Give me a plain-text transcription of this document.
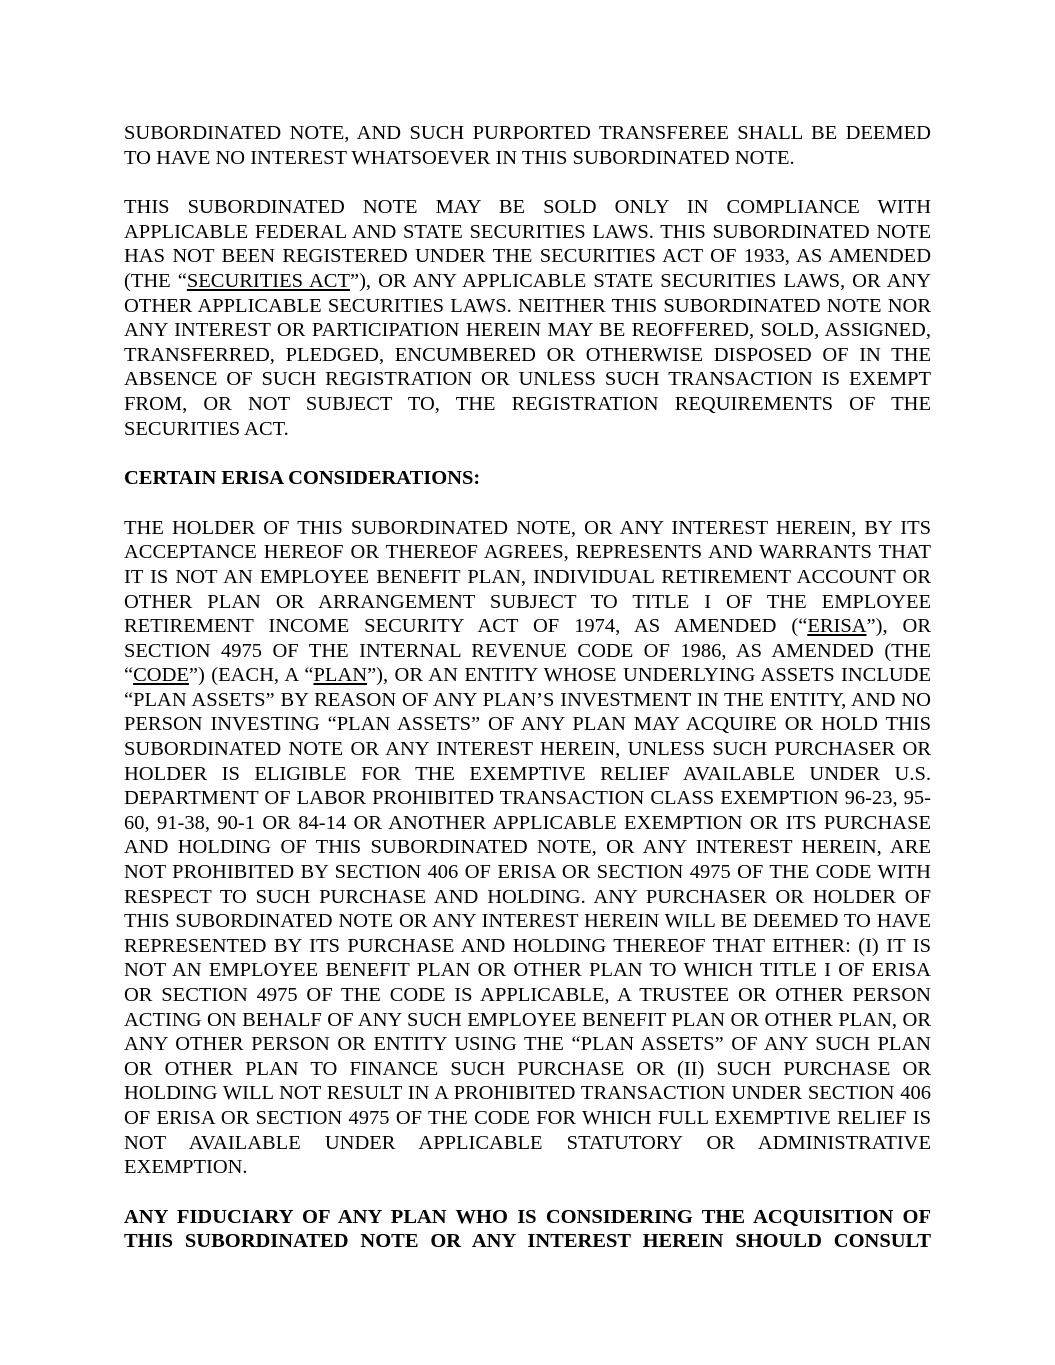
SUBORDINATED NOTE, AND SUCH PURPORTED TRANSFEREE SHALL BE DEEMED TO HAVE NO INTEREST WHATSOEVER IN THIS SUBORDINATED NOTE.

THIS SUBORDINATED NOTE MAY BE SOLD ONLY IN COMPLIANCE WITH APPLICABLE FEDERAL AND STATE SECURITIES LAWS. THIS SUBORDINATED NOTE HAS NOT BEEN REGISTERED UNDER THE SECURITIES ACT OF 1933, AS AMENDED (THE “SECURITIES ACT”), OR ANY APPLICABLE STATE SECURITIES LAWS, OR ANY OTHER APPLICABLE SECURITIES LAWS. NEITHER THIS SUBORDINATED NOTE NOR ANY INTEREST OR PARTICIPATION HEREIN MAY BE REOFFERED, SOLD, ASSIGNED, TRANSFERRED, PLEDGED, ENCUMBERED OR OTHERWISE DISPOSED OF IN THE ABSENCE OF SUCH REGISTRATION OR UNLESS SUCH TRANSACTION IS EXEMPT FROM, OR NOT SUBJECT TO, THE REGISTRATION REQUIREMENTS OF THE SECURITIES ACT.

CERTAIN ERISA CONSIDERATIONS:

THE HOLDER OF THIS SUBORDINATED NOTE, OR ANY INTEREST HEREIN, BY ITS ACCEPTANCE HEREOF OR THEREOF AGREES, REPRESENTS AND WARRANTS THAT IT IS NOT AN EMPLOYEE BENEFIT PLAN, INDIVIDUAL RETIREMENT ACCOUNT OR OTHER PLAN OR ARRANGEMENT SUBJECT TO TITLE I OF THE EMPLOYEE RETIREMENT INCOME SECURITY ACT OF 1974, AS AMENDED (“ERISA”), OR SECTION 4975 OF THE INTERNAL REVENUE CODE OF 1986, AS AMENDED (THE “CODE”) (EACH, A “PLAN”), OR AN ENTITY WHOSE UNDERLYING ASSETS INCLUDE “PLAN ASSETS” BY REASON OF ANY PLAN’S INVESTMENT IN THE ENTITY, AND NO PERSON INVESTING “PLAN ASSETS” OF ANY PLAN MAY ACQUIRE OR HOLD THIS SUBORDINATED NOTE OR ANY INTEREST HEREIN, UNLESS SUCH PURCHASER OR HOLDER IS ELIGIBLE FOR THE EXEMPTIVE RELIEF AVAILABLE UNDER U.S. DEPARTMENT OF LABOR PROHIBITED TRANSACTION CLASS EXEMPTION 96-23, 95-60, 91-38, 90-1 OR 84-14 OR ANOTHER APPLICABLE EXEMPTION OR ITS PURCHASE AND HOLDING OF THIS SUBORDINATED NOTE, OR ANY INTEREST HEREIN, ARE NOT PROHIBITED BY SECTION 406 OF ERISA OR SECTION 4975 OF THE CODE WITH RESPECT TO SUCH PURCHASE AND HOLDING. ANY PURCHASER OR HOLDER OF THIS SUBORDINATED NOTE OR ANY INTEREST HEREIN WILL BE DEEMED TO HAVE REPRESENTED BY ITS PURCHASE AND HOLDING THEREOF THAT EITHER: (I) IT IS NOT AN EMPLOYEE BENEFIT PLAN OR OTHER PLAN TO WHICH TITLE I OF ERISA OR SECTION 4975 OF THE CODE IS APPLICABLE, A TRUSTEE OR OTHER PERSON ACTING ON BEHALF OF ANY SUCH EMPLOYEE BENEFIT PLAN OR OTHER PLAN, OR ANY OTHER PERSON OR ENTITY USING THE “PLAN ASSETS” OF ANY SUCH PLAN OR OTHER PLAN TO FINANCE SUCH PURCHASE OR (II) SUCH PURCHASE OR HOLDING WILL NOT RESULT IN A PROHIBITED TRANSACTION UNDER SECTION 406 OF ERISA OR SECTION 4975 OF THE CODE FOR WHICH FULL EXEMPTIVE RELIEF IS NOT AVAILABLE UNDER APPLICABLE STATUTORY OR ADMINISTRATIVE EXEMPTION.

ANY FIDUCIARY OF ANY PLAN WHO IS CONSIDERING THE ACQUISITION OF THIS SUBORDINATED NOTE OR ANY INTEREST HEREIN SHOULD CONSULT
